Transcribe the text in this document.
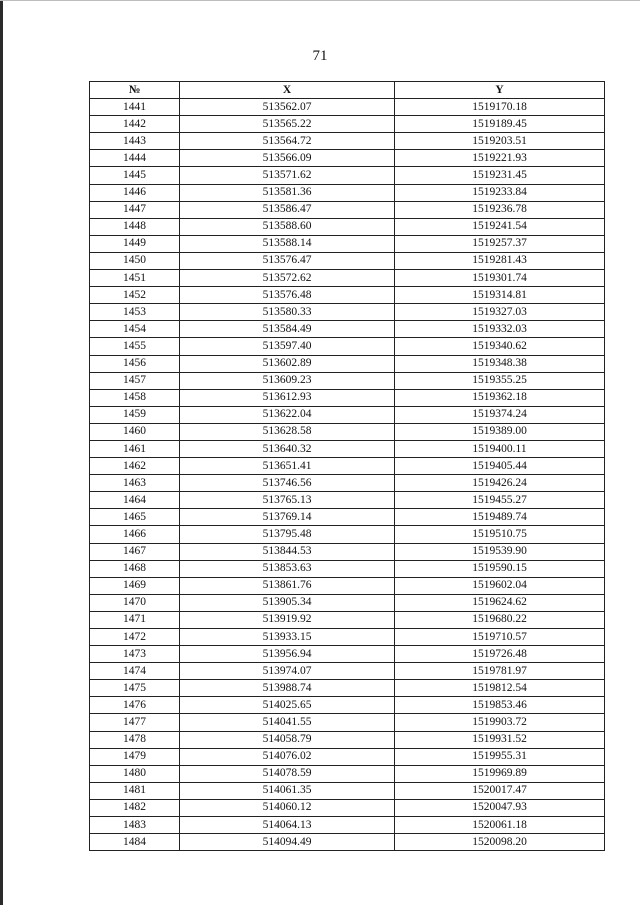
71
№	X	Y
1441	513562.07	1519170.18
1442	513565.22	1519189.45
1443	513564.72	1519203.51
1444	513566.09	1519221.93
1445	513571.62	1519231.45
1446	513581.36	1519233.84
1447	513586.47	1519236.78
1448	513588.60	1519241.54
1449	513588.14	1519257.37
1450	513576.47	1519281.43
1451	513572.62	1519301.74
1452	513576.48	1519314.81
1453	513580.33	1519327.03
1454	513584.49	1519332.03
1455	513597.40	1519340.62
1456	513602.89	1519348.38
1457	513609.23	1519355.25
1458	513612.93	1519362.18
1459	513622.04	1519374.24
1460	513628.58	1519389.00
1461	513640.32	1519400.11
1462	513651.41	1519405.44
1463	513746.56	1519426.24
1464	513765.13	1519455.27
1465	513769.14	1519489.74
1466	513795.48	1519510.75
1467	513844.53	1519539.90
1468	513853.63	1519590.15
1469	513861.76	1519602.04
1470	513905.34	1519624.62
1471	513919.92	1519680.22
1472	513933.15	1519710.57
1473	513956.94	1519726.48
1474	513974.07	1519781.97
1475	513988.74	1519812.54
1476	514025.65	1519853.46
1477	514041.55	1519903.72
1478	514058.79	1519931.52
1479	514076.02	1519955.31
1480	514078.59	1519969.89
1481	514061.35	1520017.47
1482	514060.12	1520047.93
1483	514064.13	1520061.18
1484	514094.49	1520098.20
